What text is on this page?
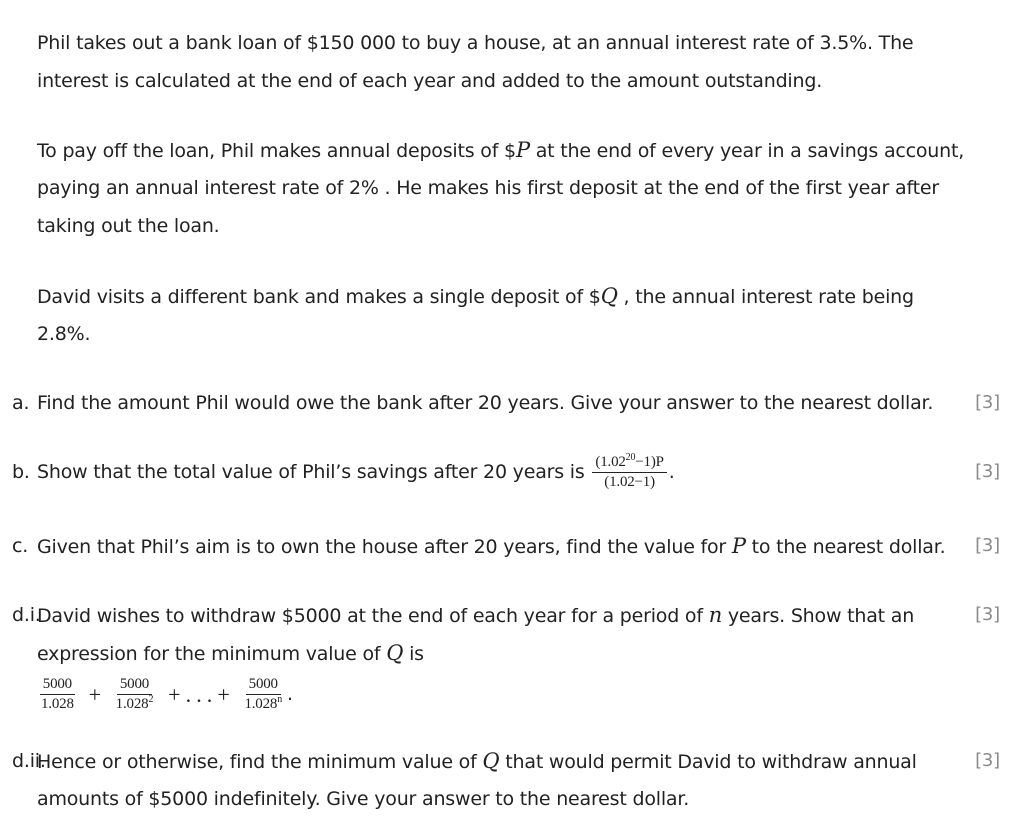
Phil takes out a bank loan of $150 000 to buy a house, at an annual interest rate of 3.5%. The
interest is calculated at the end of each year and added to the amount outstanding.
To pay off the loan, Phil makes annual deposits of $P at the end of every year in a savings account,
paying an annual interest rate of 2% . He makes his first deposit at the end of the first year after
taking out the loan.
David visits a different bank and makes a single deposit of $Q , the annual interest rate being
2.8%.
a. Find the amount Phil would owe the bank after 20 years. Give your answer to the nearest dollar. [3]
b. Show that the total value of Phil’s savings after 20 years is $\frac{(1.02^{20}-1)P}{(1.02-1)}$ .	[3]
c. Given that Phil’s aim is to own the house after 20 years, find the value for P to the nearest dollar. [3]
d.i.
David wishes to withdraw $5000 at the end of each year for a period of n years. Show that an	[3]
expression for the minimum value of Q is
$\frac{5000}{1.028} + \frac{5000}{1.028^2}$ + . . . + $\frac{5000}{1.028^n}$ .
d.ii.
Hence or otherwise, find the minimum value of Q that would permit David to withdraw annual	[3]
amounts of $5000 indefinitely. Give your answer to the nearest dollar.
